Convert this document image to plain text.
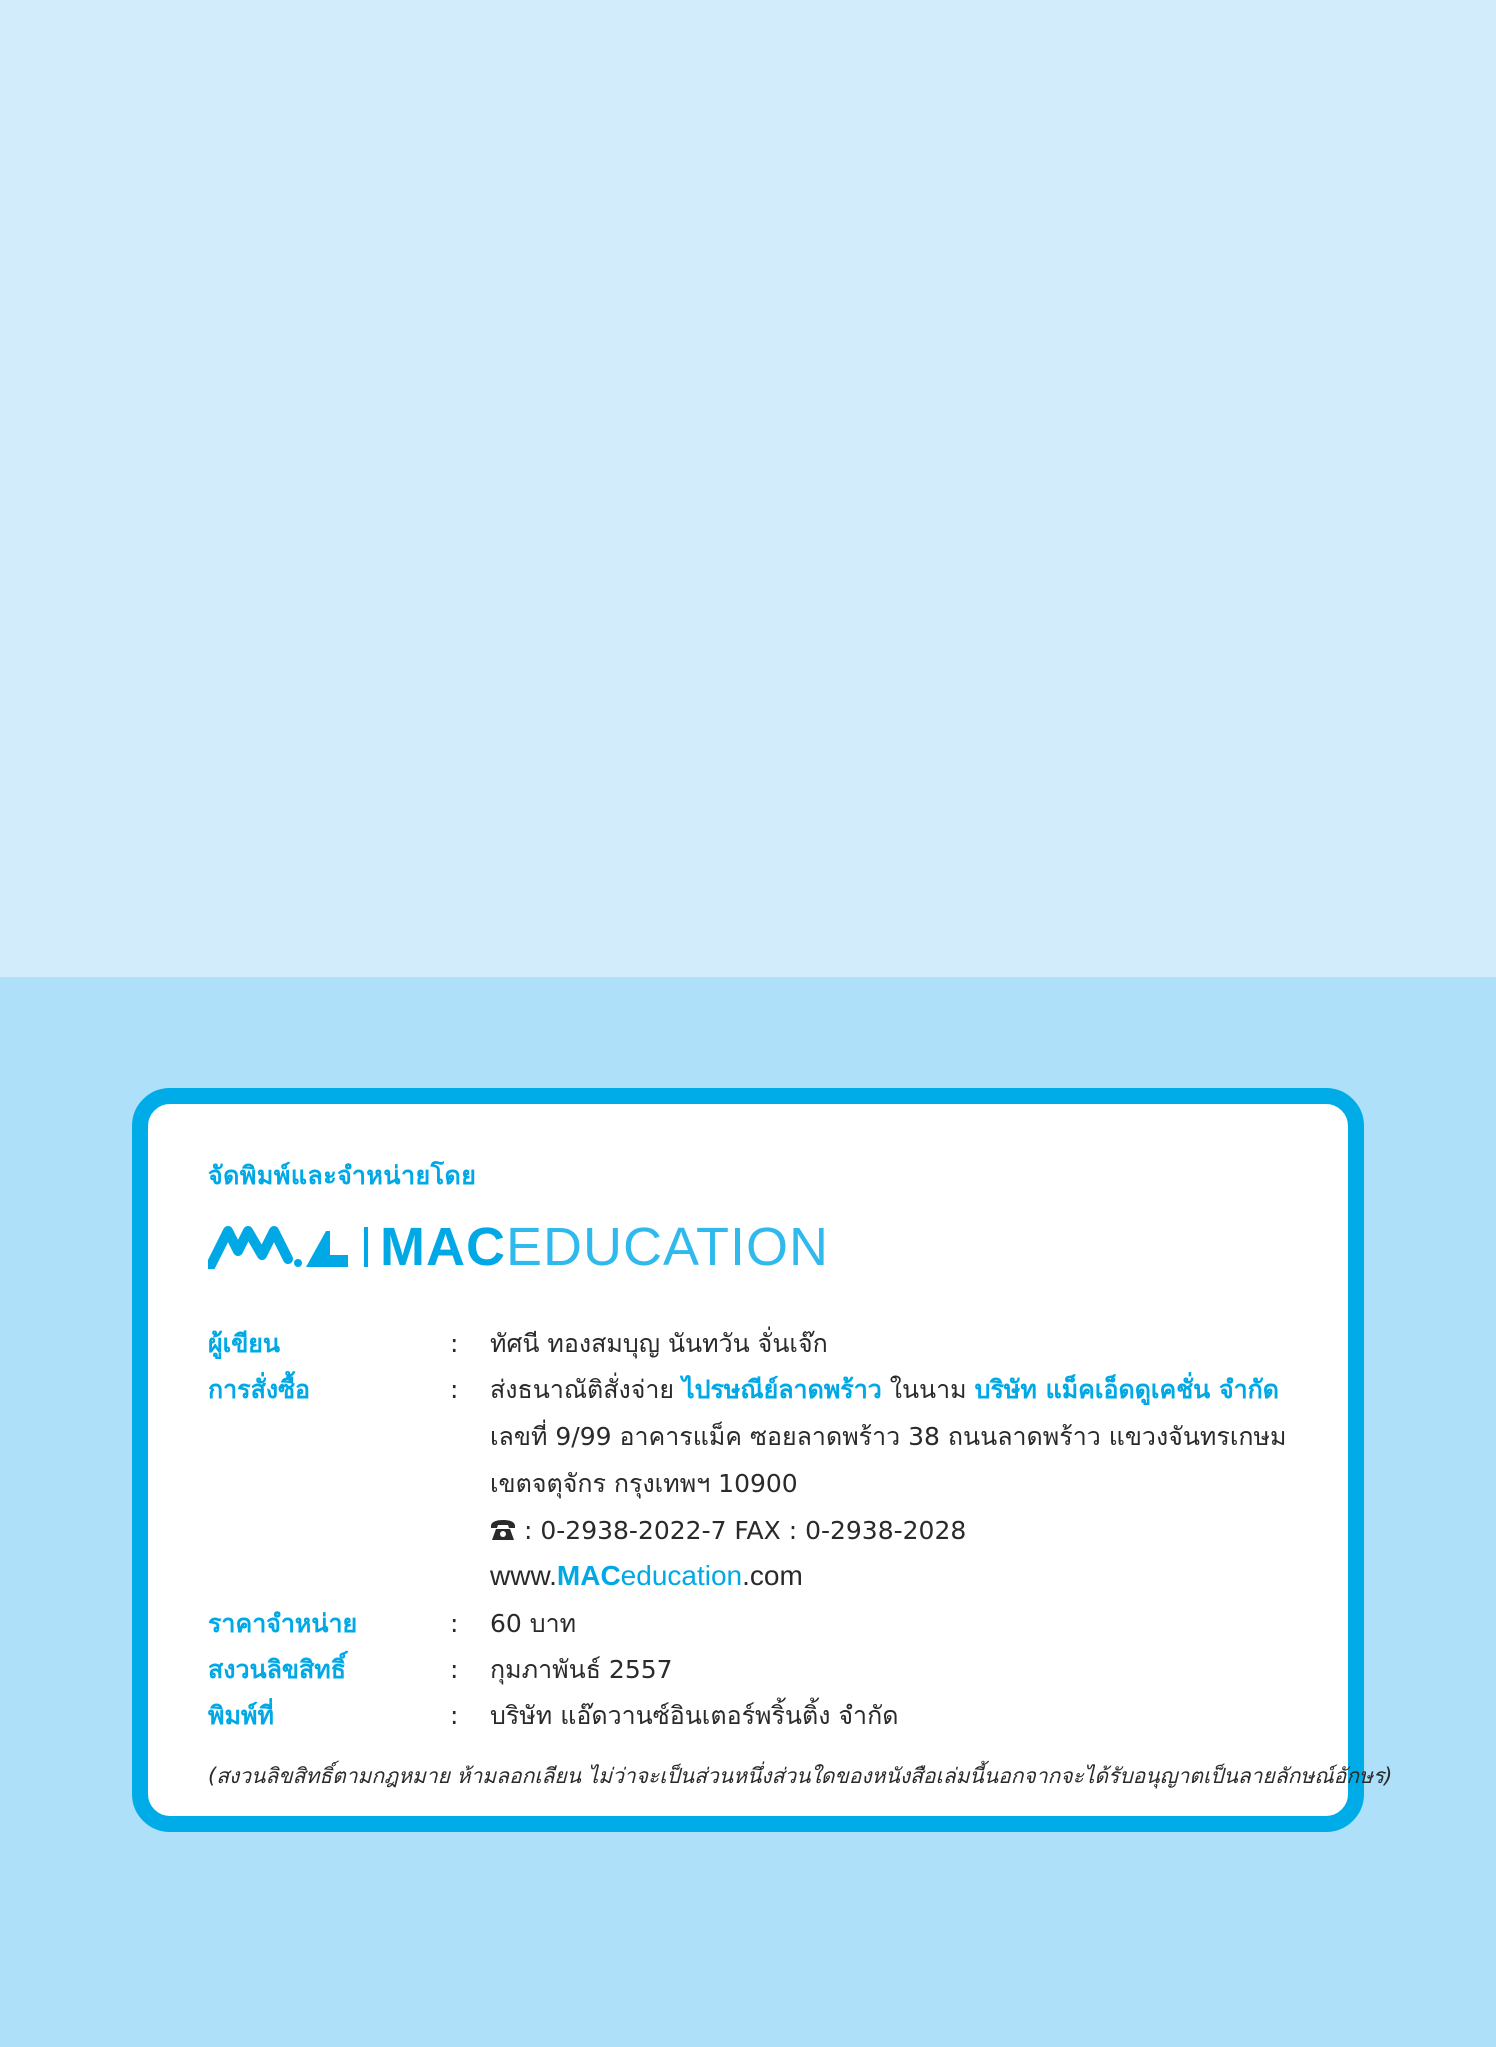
จัดพิมพ์และจำหน่ายโดย
MACEDUCATION
ผู้เขียน	: ทัศนี ทองสมบุญ นันทวัน จั่นเจ๊ก
การสั่งซื้อ	: ส่งธนาณัติสั่งจ่าย ไปรษณีย์ลาดพร้าว ในนาม บริษัท แม็คเอ็ดดูเคชั่น จำกัด
เลขที่ 9/99 อาคารแม็ค ซอยลาดพร้าว 38 ถนนลาดพร้าว แขวงจันทรเกษม
เขตจตุจักร กรุงเทพฯ 10900
: 0-2938-2022-7 FAX : 0-2938-2028
www.MACeducation.com
ราคาจำหน่าย	: 60 บาท
สงวนลิขสิทธิ์	: กุมภาพันธ์ 2557
พิมพ์ที่	: บริษัท แอ๊ดวานซ์อินเตอร์พริ้นติ้ง จำกัด
(สงวนลิขสิทธิ์ตามกฎหมาย ห้ามลอกเลียน ไม่ว่าจะเป็นส่วนหนึ่งส่วนใดของหนังสือเล่มนี้นอกจากจะได้รับอนุญาตเป็นลายลักษณ์อักษร)
